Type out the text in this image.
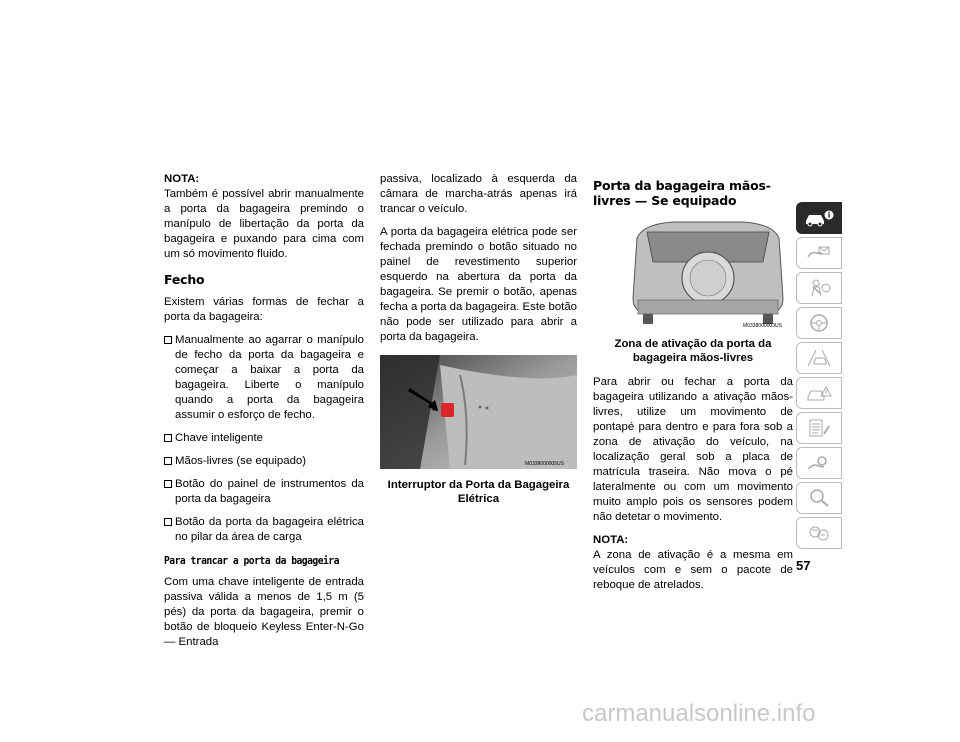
NOTA:

Também é possível abrir manualmente a porta da bagageira premindo o manípulo de libertação da porta da bagageira e puxando para cima com um só movimento fluido.

Fecho

Existem várias formas de fechar a porta da bagageira:

Manualmente ao agarrar o manípulo de fecho da porta da bagageira e começar a baixar a porta da bagageira. Liberte o manípulo quando a porta da bagageira assumir o esforço de fecho.
Chave inteligente
Mãos-livres (se equipado)
Botão do painel de instrumentos da porta da bagageira
Botão da porta da bagageira elétrica no pilar da área de carga
Para trancar a porta da bagageira

Com uma chave inteligente de entrada passiva válida a menos de 1,5 m (5 pés) da porta da bagageira, premir o botão de bloqueio Keyless Enter-N-Go — Entrada

passiva, localizado à esquerda da câmara de marcha-atrás apenas irá trancar o veículo.

A porta da bagageira elétrica pode ser fechada premindo o botão situado no painel de revestimento superior esquerdo na abertura da porta da bagageira. Se premir o botão, apenas fecha a porta da bagageira. Este botão não pode ser utilizado para abrir a porta da bagageira.

M0338000005US
Interruptor da Porta da Bagageira Elétrica
Porta da bagageira mãos-livres — Se equipado
M0338000003US
Zona de ativação da porta da bagageira mãos-livres

Para abrir ou fechar a porta da bagageira utilizando a ativação mãos-livres, utilize um movimento de pontapé para dentro e para fora sob a zona de ativação do veículo, na localização geral sob a placa de matrícula traseira. Não mova o pé lateralmente ou com um movimento muito amplo pois os sensores podem não detetar o movimento.

NOTA:

A zona de ativação é a mesma em veículos com e sem o pacote de reboque de atrelados.

57
carmanualsonline.info
